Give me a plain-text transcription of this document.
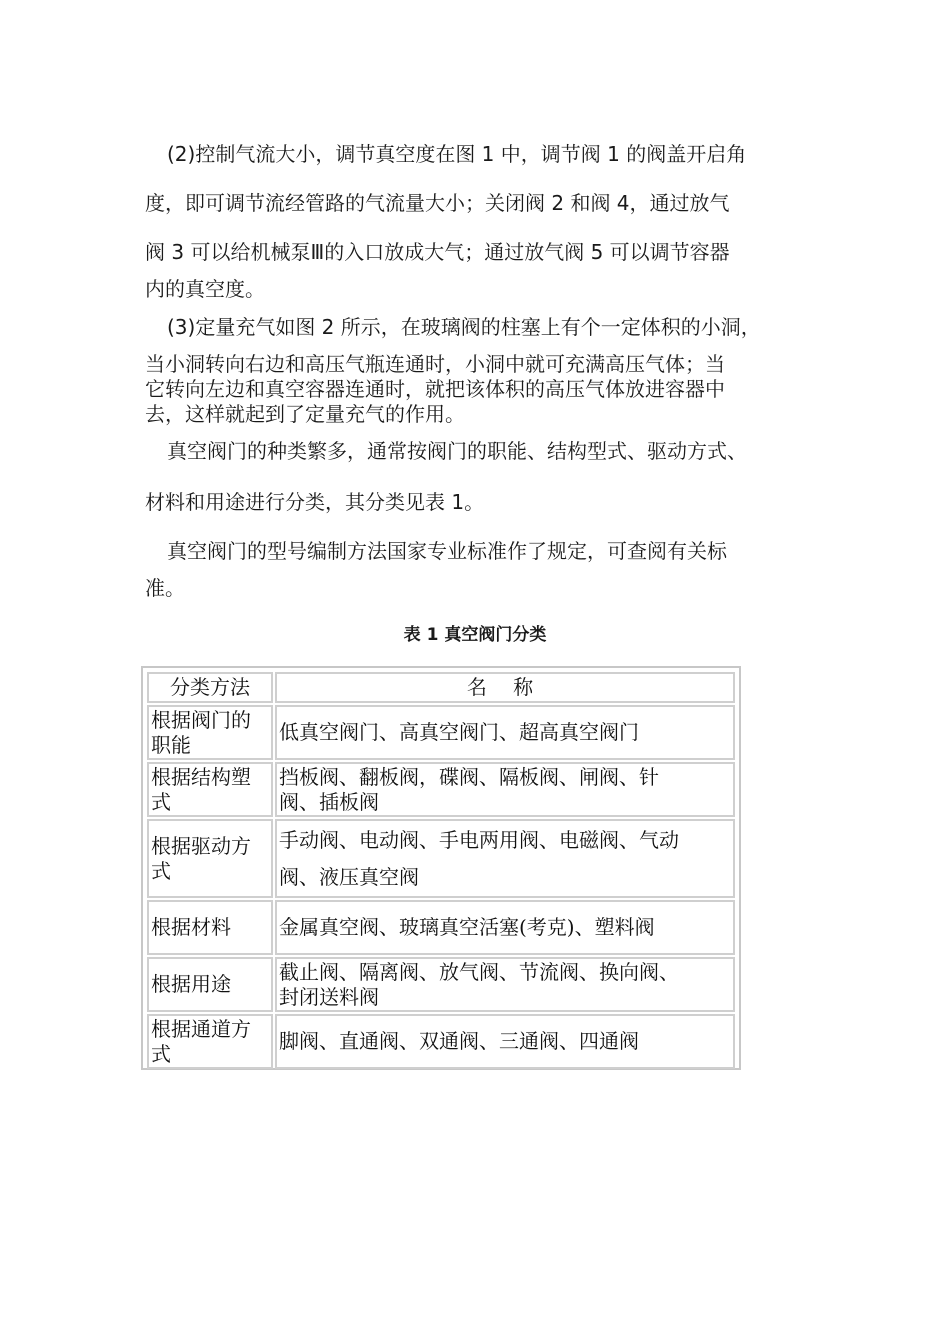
(2)控制气流大小，调节真空度在图 1 中，调节阀 1 的阀盖开启角
度，即可调节流经管路的气流量大小；关闭阀 2 和阀 4，通过放气
阀 3 可以给机械泵Ⅲ的入口放成大气；通过放气阀 5 可以调节容器
内的真空度。
(3)定量充气如图 2 所示，在玻璃阀的柱塞上有个一定体积的小洞，
当小洞转向右边和高压气瓶连通时，小洞中就可充满高压气体；当
它转向左边和真空容器连通时，就把该体积的高压气体放进容器中
去，这样就起到了定量充气的作用。
真空阀门的种类繁多，通常按阀门的职能、结构型式、驱动方式、
材料和用途进行分类，其分类见表 1。
真空阀门的型号编制方法国家专业标准作了规定，可查阅有关标
准。
表 1 真空阀门分类
分类方法	名 称
根据阀门的
职能	低真空阀门、高真空阀门、超高真空阀门
根据结构塑
式	挡板阀、翻板阀，碟阀、隔板阀、闸阀、针
阀、插板阀
根据驱动方
式	手动阀、电动阀、手电两用阀、电磁阀、气动
阀、液压真空阀
根据材料	金属真空阀、玻璃真空活塞(考克)、塑料阀
根据用途	截止阀、隔离阀、放气阀、节流阀、换向阀、
封闭送料阀
根据通道方
式	脚阀、直通阀、双通阀、三通阀、四通阀
